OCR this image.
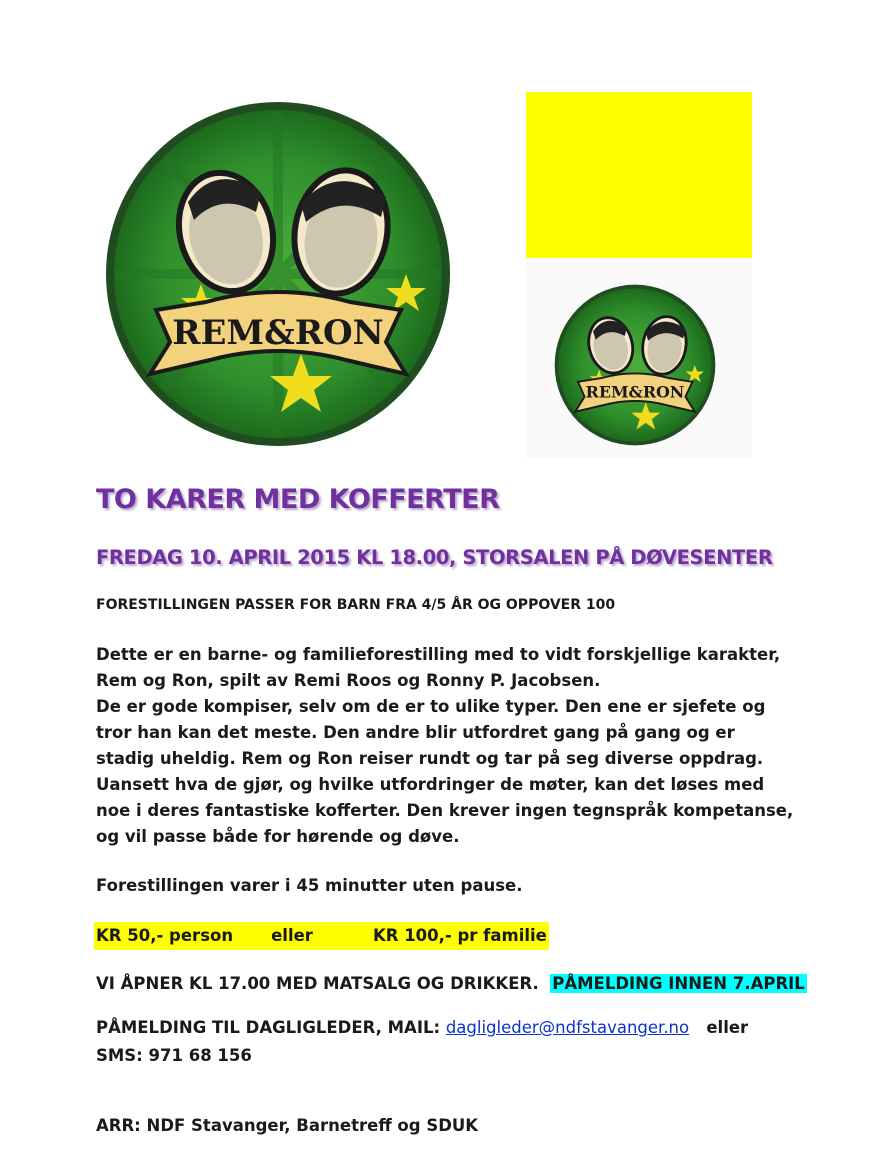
REM&RON
REM&RON
TO KARER MED KOFFERTER
FREDAG 10. APRIL 2015 KL 18.00, STORSALEN PÅ DØVESENTER
FORESTILLINGEN PASSER FOR BARN FRA 4/5 ÅR OG OPPOVER 100

Dette er en barne- og familieforestilling med to vidt forskjellige karakter, Rem og Ron, spilt av Remi Roos og Ronny P. Jacobsen.

De er gode kompiser, selv om de er to ulike typer. Den ene er sjefete og tror han kan det meste. Den andre blir utfordret gang på gang og er stadig uheldig. Rem og Ron reiser rundt og tar på seg diverse oppdrag. Uansett hva de gjør, og hvilke utfordringer de møter, kan det løses med noe i deres fantastiske kofferter. Den krever ingen tegnspråk kompetanse, og vil passe både for hørende og døve.

Forestillingen varer i 45 minutter uten pause.
KR 50,- person eller	KR 100,- pr familie
VI ÅPNER KL 17.00 MED MATSALG OG DRIKKER. PÅMELDING INNEN 7.APRIL
PÅMELDING TIL DAGLIGLEDER, MAIL: dagligleder@ndfstavanger.no eller
SMS: 971 68 156
ARR: NDF Stavanger, Barnetreff og SDUK
